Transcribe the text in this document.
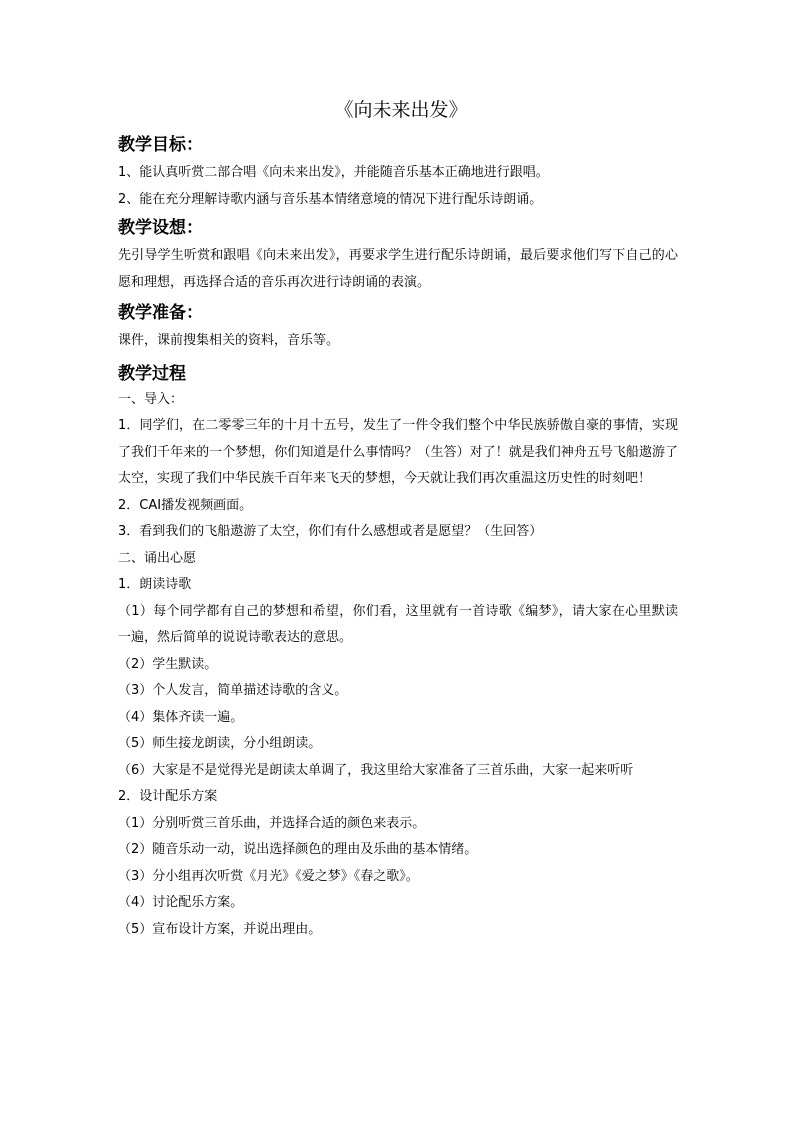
《向未来出发》
教学目标：

1、能认真听赏二部合唱《向未来出发》，并能随音乐基本正确地进行跟唱。

2、能在充分理解诗歌内涵与音乐基本情绪意境的情况下进行配乐诗朗诵。

教学设想：

先引导学生听赏和跟唱《向未来出发》，再要求学生进行配乐诗朗诵，最后要求他们写下自己的心愿和理想，再选择合适的音乐再次进行诗朗诵的表演。

教学准备：

课件，课前搜集相关的资料，音乐等。

教学过程

一、导入：

1．同学们，在二零零三年的十月十五号，发生了一件令我们整个中华民族骄傲自豪的事情，实现了我们千年来的一个梦想，你们知道是什么事情吗？（生答）对了！就是我们神舟五号飞船遨游了太空，实现了我们中华民族千百年来飞天的梦想，今天就让我们再次重温这历史性的时刻吧！

2．CAI播发视频画面。

3．看到我们的飞船遨游了太空，你们有什么感想或者是愿望？（生回答）

二、诵出心愿

1．朗读诗歌

（1）每个同学都有自己的梦想和希望，你们看，这里就有一首诗歌《编梦》，请大家在心里默读一遍，然后简单的说说诗歌表达的意思。

（2）学生默读。

（3）个人发言，简单描述诗歌的含义。

（4）集体齐读一遍。

（5）师生接龙朗读，分小组朗读。

（6）大家是不是觉得光是朗读太单调了，我这里给大家准备了三首乐曲，大家一起来听听

2．设计配乐方案

（1）分别听赏三首乐曲，并选择合适的颜色来表示。

（2）随音乐动一动，说出选择颜色的理由及乐曲的基本情绪。

（3）分小组再次听赏《月光》《爱之梦》《春之歌》。

（4）讨论配乐方案。

（5）宣布设计方案，并说出理由。
